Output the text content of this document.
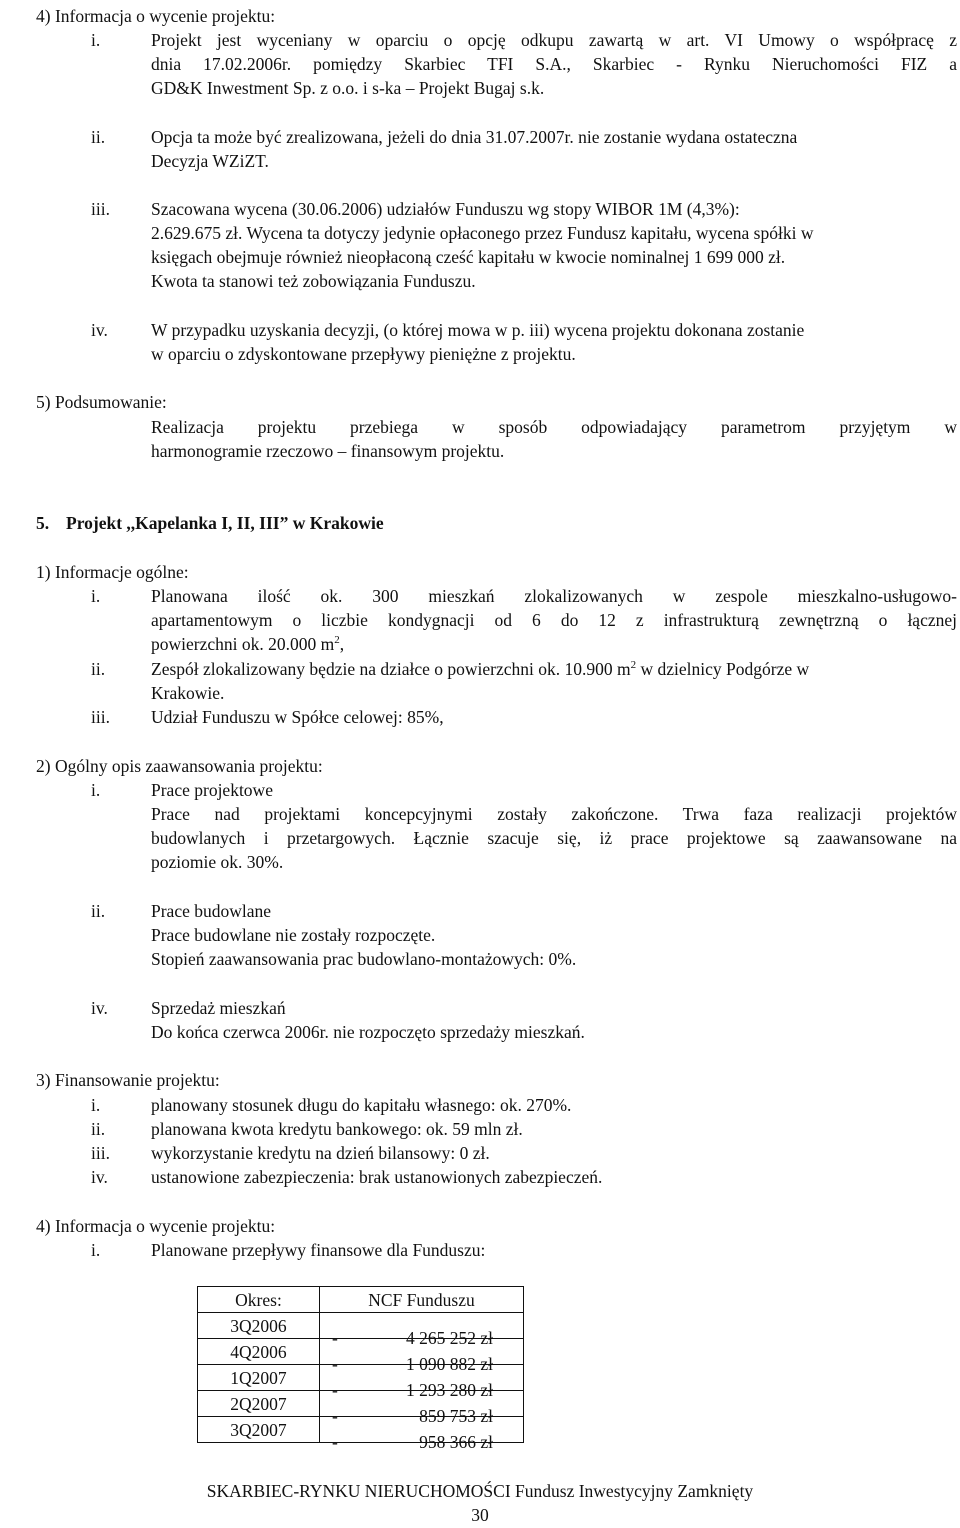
4) Informacja o wycenie projektu:
i.	Projekt jest wyceniany w oparciu o opcję odkupu zawartą w art. VI Umowy o współpracę z
dnia 17.02.2006r. pomiędzy Skarbiec TFI S.A., Skarbiec - Rynku Nieruchomości FIZ a
GD&K Inwestment Sp. z o.o. i s-ka – Projekt Bugaj s.k.
ii.	Opcja ta może być zrealizowana, jeżeli do dnia 31.07.2007r. nie zostanie wydana ostateczna
Decyzja WZiZT.
iii.	Szacowana wycena (30.06.2006) udziałów Funduszu wg stopy WIBOR 1M (4,3%):
2.629.675 zł. Wycena ta dotyczy jedynie opłaconego przez Fundusz kapitału, wycena spółki w
księgach obejmuje również nieopłaconą cześć kapitału w kwocie nominalnej 1 699 000 zł.
Kwota ta stanowi też zobowiązania Funduszu.
iv.	W przypadku uzyskania decyzji, (o której mowa w p. iii) wycena projektu dokonana zostanie
w oparciu o zdyskontowane przepływy pieniężne z projektu.
5) Podsumowanie:
Realizacja projektu przebiega w sposób odpowiadający parametrom przyjętym w
harmonogramie rzeczowo – finansowym projektu.
5. Projekt ,,Kapelanka I, II, III” w Krakowie
1) Informacje ogólne:
i.	Planowana ilość ok. 300 mieszkań zlokalizowanych w zespole mieszkalno-usługowo-
apartamentowym o liczbie kondygnacji od 6 do 12 z infrastrukturą zewnętrzną o łącznej
powierzchni ok. 20.000 $m^2$,
ii.	Zespół zlokalizowany będzie na działce o powierzchni ok. 10.900 $m^2$ w dzielnicy Podgórze w
Krakowie.
iii.	Udział Funduszu w Spółce celowej: 85%,
2) Ogólny opis zaawansowania projektu:
i.	Prace projektowe
Prace nad projektami koncepcyjnymi zostały zakończone. Trwa faza realizacji projektów
budowlanych i przetargowych. Łącznie szacuje się, iż prace projektowe są zaawansowane na
poziomie ok. 30%.
ii.	Prace budowlane
Prace budowlane nie zostały rozpoczęte.
Stopień zaawansowania prac budowlano-montażowych: 0%.
iv.	Sprzedaż mieszkań
Do końca czerwca 2006r. nie rozpoczęto sprzedaży mieszkań.
3) Finansowanie projektu:
i.	planowany stosunek długu do kapitału własnego: ok. 270%.
ii.	planowana kwota kredytu bankowego: ok. 59 mln zł.
iii.	wykorzystanie kredytu na dzień bilansowy: 0 zł.
iv.	ustanowione zabezpieczenia: brak ustanowionych zabezpieczeń.
4) Informacja o wycenie projektu:
i.	Planowane przepływy finansowe dla Funduszu:
Okres:	NCF Funduszu
3Q2006	- 4 265 252 zł

4Q2006	- 1 090 882 zł

1Q2007	- 1 293 280 zł

2Q2007	- 859 753 zł

3Q2007	- 958 366 zł
SKARBIEC-RYNKU NIERUCHOMOŚCI Fundusz Inwestycyjny Zamknięty
30
